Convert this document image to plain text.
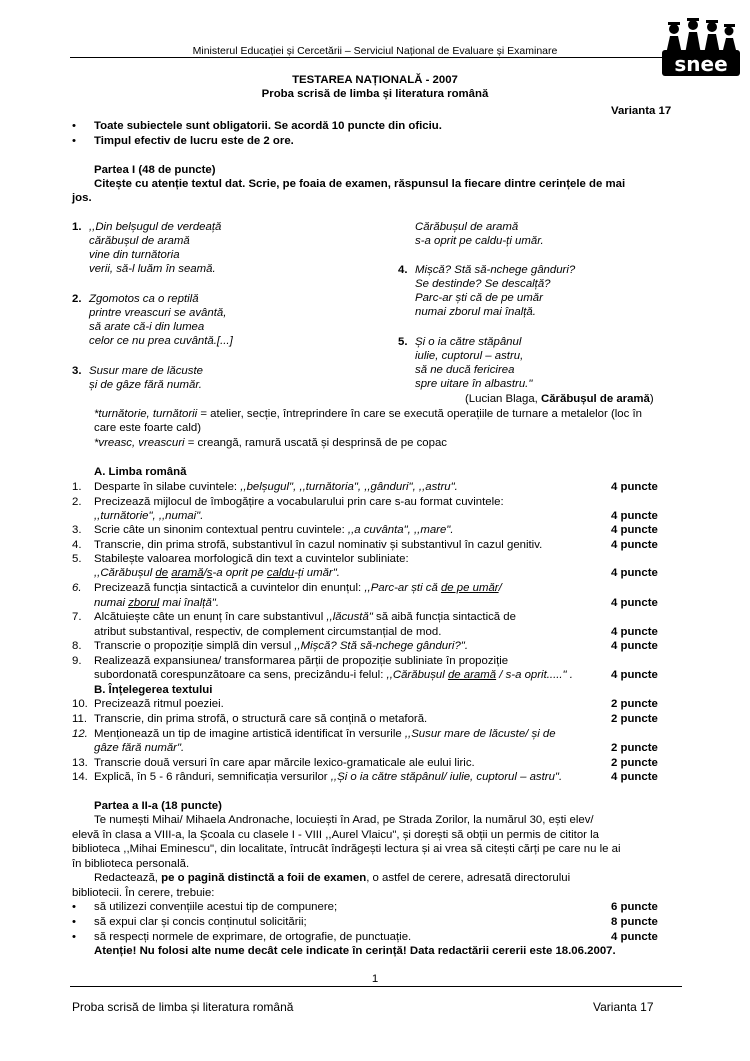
Ministerul Educației și Cercetării – Serviciul Național de Evaluare și Examinare
snee
TESTAREA NAȚIONALĂ - 2007
Proba scrisă de limba și literatura română
Varianta 17
• Toate subiectele sunt obligatorii. Se acordă 10 puncte din oficiu.
• Timpul efectiv de lucru este de 2 ore.
Partea I (48 de puncte)
Citește cu atenție textul dat. Scrie, pe foaia de examen, răspunsul la fiecare dintre cerințele de mai
jos.
1. ,,Din belșugul de verdeață
cărăbușul de aramă
vine din turnătoria
verii, să-l luăm în seamă.
2. Zgomotos ca o reptilă
printre vreascuri se avântă,
să arate că-i din lumea
celor ce nu prea cuvântă.[...]
3. Susur mare de lăcuste
și de gâze fără număr.
Cărăbușul de aramă
s-a oprit pe caldu-ți umăr.
4. Mișcă? Stă să-nchege gânduri?
Se destinde? Se descalță?
Parc-ar ști că de pe umăr
numai zborul mai înalță.
5. Și o ia către stăpânul
iulie, cuptorul – astru,
să ne ducă fericirea
spre uitare în albastru."
(Lucian Blaga, Cărăbușul de aramă)
*turnătorie, turnătorii = atelier, secție, întreprindere în care se execută operațiile de turnare a metalelor (loc în
care este foarte cald)
*vreasc, vreascuri = creangă, ramură uscată și desprinsă de pe copac
A. Limba română
1. Desparte în silabe cuvintele: ,,belșugul", ,,turnătoria", ,,gânduri", ,,astru".	4 puncte
2. Precizează mijlocul de îmbogățire a vocabularului prin care s-au format cuvintele:
,,turnătorie", ,,numai".	4 puncte
3. Scrie câte un sinonim contextual pentru cuvintele: ,,a cuvânta", ,,mare".	4 puncte
4. Transcrie, din prima strofă, substantivul în cazul nominativ și substantivul în cazul genitiv.	4 puncte
5. Stabilește valoarea morfologică din text a cuvintelor subliniate:
,,Cărăbușul de aramă/s-a oprit pe caldu-ți umăr".	4 puncte
6. Precizează funcția sintactică a cuvintelor din enunțul: ,,Parc-ar ști că de pe umăr/
numai zborul mai înalță".	4 puncte
7. Alcătuiește câte un enunț în care substantivul ,,lăcustă" să aibă funcția sintactică de
atribut substantival, respectiv, de complement circumstanțial de mod.	4 puncte
8. Transcrie o propoziție simplă din versul ,,Mișcă? Stă să-nchege gânduri?".	4 puncte
9. Realizează expansiunea/ transformarea părții de propoziție subliniate în propoziție
subordonată corespunzătoare ca sens, precizându-i felul: ,,Cărăbușul de aramă / s-a oprit....." .	4 puncte
B. Înțelegerea textului
10. Precizează ritmul poeziei.	2 puncte
11. Transcrie, din prima strofă, o structură care să conțină o metaforă.	2 puncte
12. Menționează un tip de imagine artistică identificat în versurile ,,Susur mare de lăcuste/ și de
gâze fără număr".	2 puncte
13. Transcrie două versuri în care apar mărcile lexico-gramaticale ale eului liric.	2 puncte
14. Explică, în 5 - 6 rânduri, semnificația versurilor ,,Și o ia către stăpânul/ iulie, cuptorul – astru".	4 puncte
Partea a II-a (18 puncte)
Te numești Mihai/ Mihaela Andronache, locuiești în Arad, pe Strada Zorilor, la numărul 30, ești elev/
elevă în clasa a VIII-a, la Școala cu clasele I - VIII ,,Aurel Vlaicu", și dorești să obții un permis de cititor la
biblioteca ,,Mihai Eminescu", din localitate, întrucât îndrăgești lectura și ai vrea să citești cărți pe care nu le ai
în biblioteca personală.
Redactează, pe o pagină distinctă a foii de examen, o astfel de cerere, adresată directorului
bibliotecii. În cerere, trebuie:
• să utilizezi convențiile acestui tip de compunere;	6 puncte
• să expui clar și concis conținutul solicitării;	8 puncte
• să respecți normele de exprimare, de ortografie, de punctuație.	4 puncte
Atenție! Nu folosi alte nume decât cele indicate în cerință! Data redactării cererii este 18.06.2007.
1
Proba scrisă de limba și literatura română	Varianta 17
